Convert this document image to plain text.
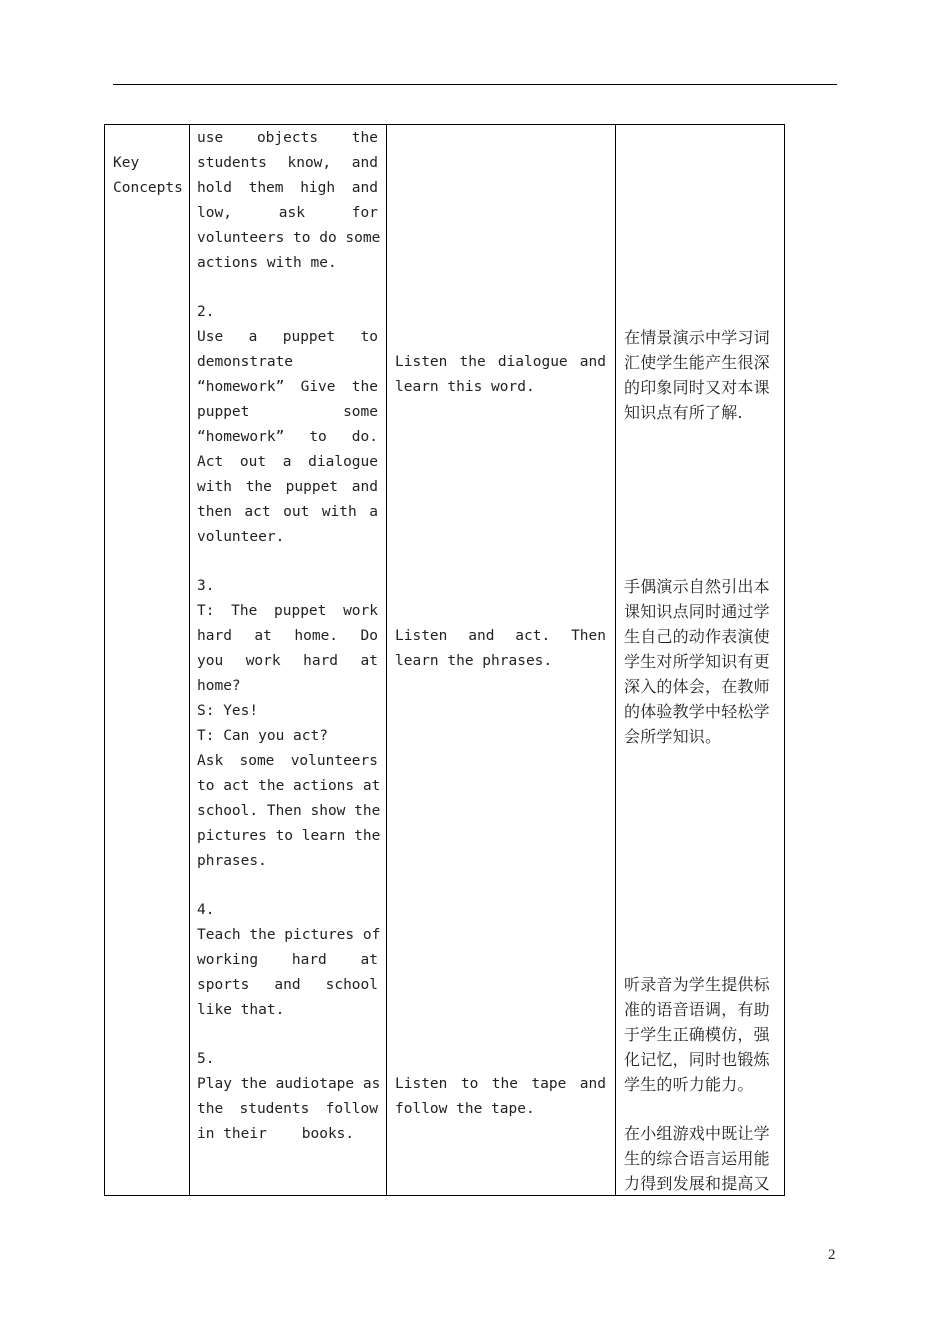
Key
Concepts
use objects the
students know, and
hold them high and
low, ask for
volunteers to do some
actions with me.
2.
Use a puppet to
demonstrate
“homework” Give the
puppet some
“homework” to do.
Act out a dialogue
with the puppet and
then act out with a
volunteer.
3.
T: The puppet work
hard at home. Do
you work hard at
home?
S: Yes!
T: Can you act?
Ask some volunteers
to act the actions at
school. Then show the
pictures to learn the
phrases.
4.
Teach the pictures of
working hard at
sports and school
like that.
5.
Play the audiotape as
the students follow
in their    books.
Listen the dialogue and
learn this word.
Listen and act. Then
learn the phrases.
Listen to the tape and
follow the tape.
在情景演示中学习词
汇使学生能产生很深
的印象同时又对本课
知识点有所了解.
手偶演示自然引出本
课知识点同时通过学
生自己的动作表演使
学生对所学知识有更
深入的体会，在教师
的体验教学中轻松学
会所学知识。
听录音为学生提供标
准的语音语调，有助
于学生正确模仿，强
化记忆，同时也锻炼
学生的听力能力。
在小组游戏中既让学
生的综合语言运用能
力得到发展和提高又
2
